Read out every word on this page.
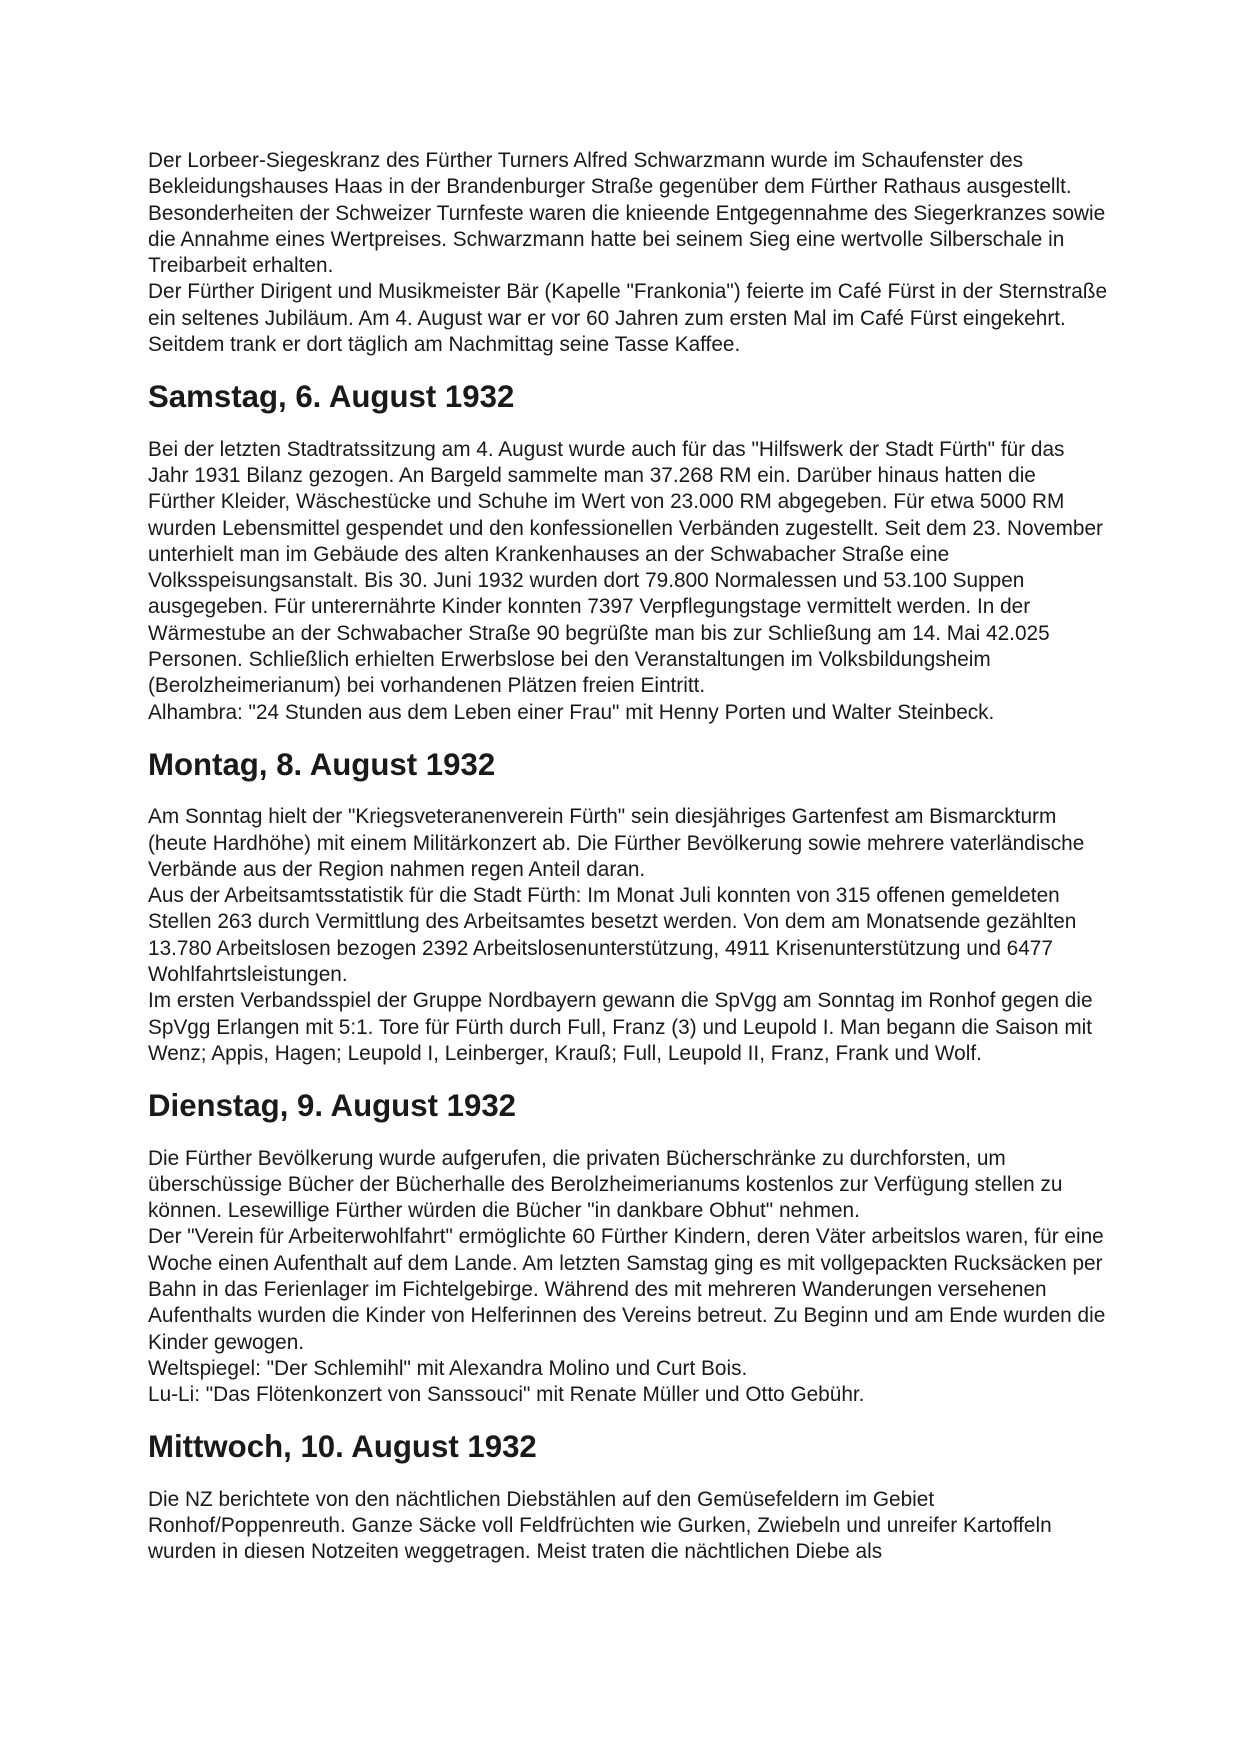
Der Lorbeer-Siegeskranz des Fürther Turners Alfred Schwarzmann wurde im Schaufenster des Bekleidungshauses Haas in der Brandenburger Straße gegenüber dem Fürther Rathaus ausgestellt. Besonderheiten der Schweizer Turnfeste waren die knieende Entgegennahme des Siegerkranzes sowie die Annahme eines Wertpreises. Schwarzmann hatte bei seinem Sieg eine wertvolle Silberschale in Treibarbeit erhalten.

Der Fürther Dirigent und Musikmeister Bär (Kapelle "Frankonia") feierte im Café Fürst in der Sternstraße ein seltenes Jubiläum. Am 4. August war er vor 60 Jahren zum ersten Mal im Café Fürst eingekehrt. Seitdem trank er dort täglich am Nachmittag seine Tasse Kaffee.

Samstag, 6. August 1932

Bei der letzten Stadtratssitzung am 4. August wurde auch für das "Hilfswerk der Stadt Fürth" für das Jahr 1931 Bilanz gezogen. An Bargeld sammelte man 37.268 RM ein. Darüber hinaus hatten die Fürther Kleider, Wäschestücke und Schuhe im Wert von 23.000 RM abgegeben. Für etwa 5000 RM wurden Lebensmittel gespendet und den konfessionellen Verbänden zugestellt. Seit dem 23. November unterhielt man im Gebäude des alten Krankenhauses an der Schwabacher Straße eine Volksspeisungsanstalt. Bis 30. Juni 1932 wurden dort 79.800 Normalessen und 53.100 Suppen ausgegeben. Für unterernährte Kinder konnten 7397 Verpflegungstage vermittelt werden. In der Wärmestube an der Schwabacher Straße 90 begrüßte man bis zur Schließung am 14. Mai 42.025 Personen. Schließlich erhielten Erwerbslose bei den Veranstaltungen im Volksbildungsheim (Berolzheimerianum) bei vorhandenen Plätzen freien Eintritt.

Alhambra: "24 Stunden aus dem Leben einer Frau" mit Henny Porten und Walter Steinbeck.

Montag, 8. August 1932

Am Sonntag hielt der "Kriegsveteranenverein Fürth" sein diesjähriges Gartenfest am Bismarckturm (heute Hardhöhe) mit einem Militärkonzert ab. Die Fürther Bevölkerung sowie mehrere vaterländische Verbände aus der Region nahmen regen Anteil daran.

Aus der Arbeitsamtsstatistik für die Stadt Fürth: Im Monat Juli konnten von 315 offenen gemeldeten Stellen 263 durch Vermittlung des Arbeitsamtes besetzt werden. Von dem am Monatsende gezählten 13.780 Arbeitslosen bezogen 2392 Arbeitslosenunterstützung, 4911 Krisenunterstützung und 6477 Wohlfahrtsleistungen.

Im ersten Verbandsspiel der Gruppe Nordbayern gewann die SpVgg am Sonntag im Ronhof gegen die SpVgg Erlangen mit 5:1. Tore für Fürth durch Full, Franz (3) und Leupold I. Man begann die Saison mit Wenz; Appis, Hagen; Leupold I, Leinberger, Krauß; Full, Leupold II, Franz, Frank und Wolf.

Dienstag, 9. August 1932

Die Fürther Bevölkerung wurde aufgerufen, die privaten Bücherschränke zu durchforsten, um überschüssige Bücher der Bücherhalle des Berolzheimerianums kostenlos zur Verfügung stellen zu können. Lesewillige Fürther würden die Bücher "in dankbare Obhut" nehmen.

Der "Verein für Arbeiterwohlfahrt" ermöglichte 60 Fürther Kindern, deren Väter arbeitslos waren, für eine Woche einen Aufenthalt auf dem Lande. Am letzten Samstag ging es mit vollgepackten Rucksäcken per Bahn in das Ferienlager im Fichtelgebirge. Während des mit mehreren Wanderungen versehenen Aufenthalts wurden die Kinder von Helferinnen des Vereins betreut. Zu Beginn und am Ende wurden die Kinder gewogen.

Weltspiegel: "Der Schlemihl" mit Alexandra Molino und Curt Bois.

Lu-Li: "Das Flötenkonzert von Sanssouci" mit Renate Müller und Otto Gebühr.

Mittwoch, 10. August 1932

Die NZ berichtete von den nächtlichen Diebstählen auf den Gemüsefeldern im Gebiet Ronhof/Poppenreuth. Ganze Säcke voll Feldfrüchten wie Gurken, Zwiebeln und unreifer Kartoffeln wurden in diesen Notzeiten weggetragen. Meist traten die nächtlichen Diebe als
